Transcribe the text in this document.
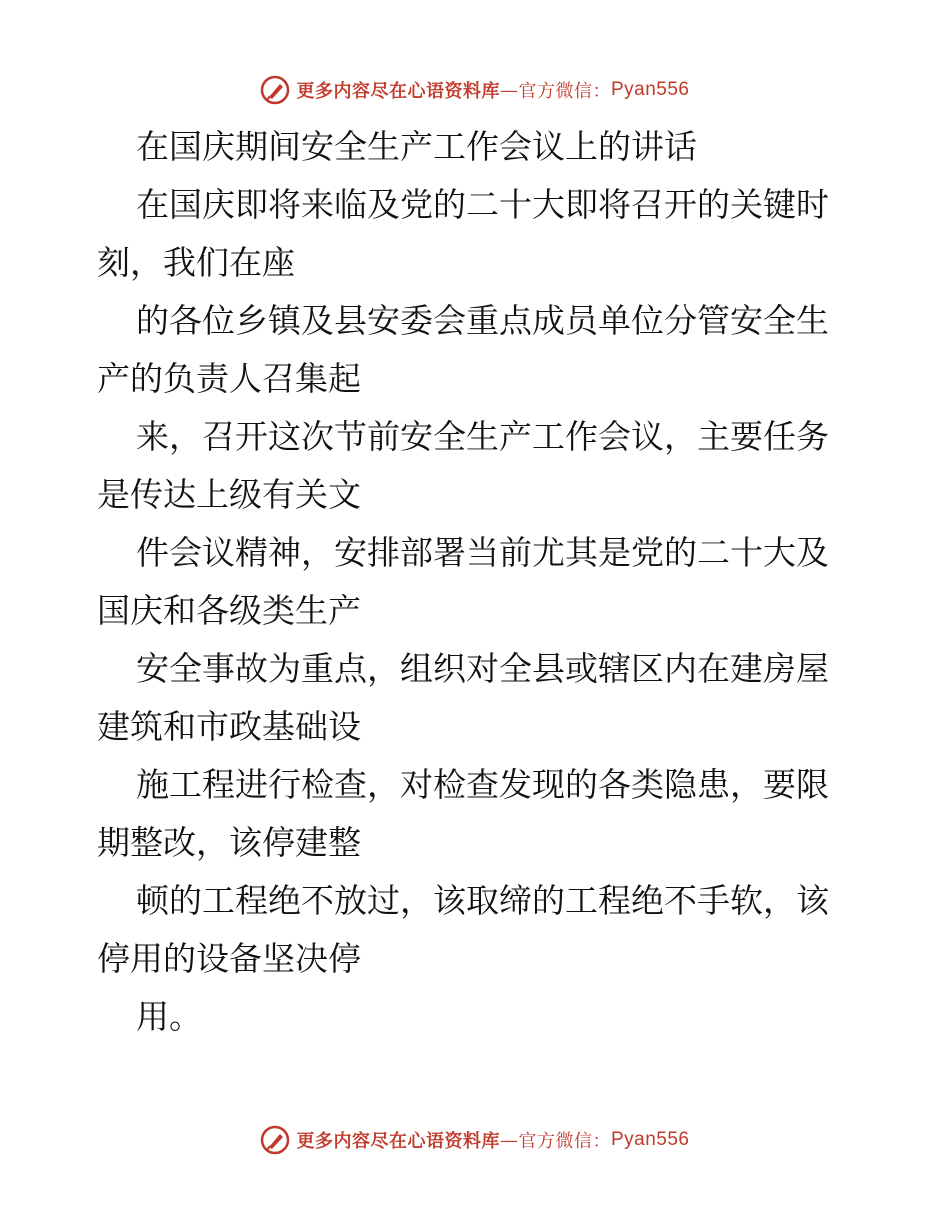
更多内容尽在心语资料库 — 官方微信： Pyan556
在国庆期间安全生产工作会议上的讲话
在国庆即将来临及党的二十大即将召开的关键时
刻，我们在座
的各位乡镇及县安委会重点成员单位分管安全生
产的负责人召集起
来，召开这次节前安全生产工作会议，主要任务
是传达上级有关文
件会议精神，安排部署当前尤其是党的二十大及
国庆和各级类生产
安全事故为重点，组织对全县或辖区内在建房屋
建筑和市政基础设
施工程进行检查，对检查发现的各类隐患，要限
期整改，该停建整
顿的工程绝不放过，该取缔的工程绝不手软，该
停用的设备坚决停
用。
更多内容尽在心语资料库 — 官方微信： Pyan556
